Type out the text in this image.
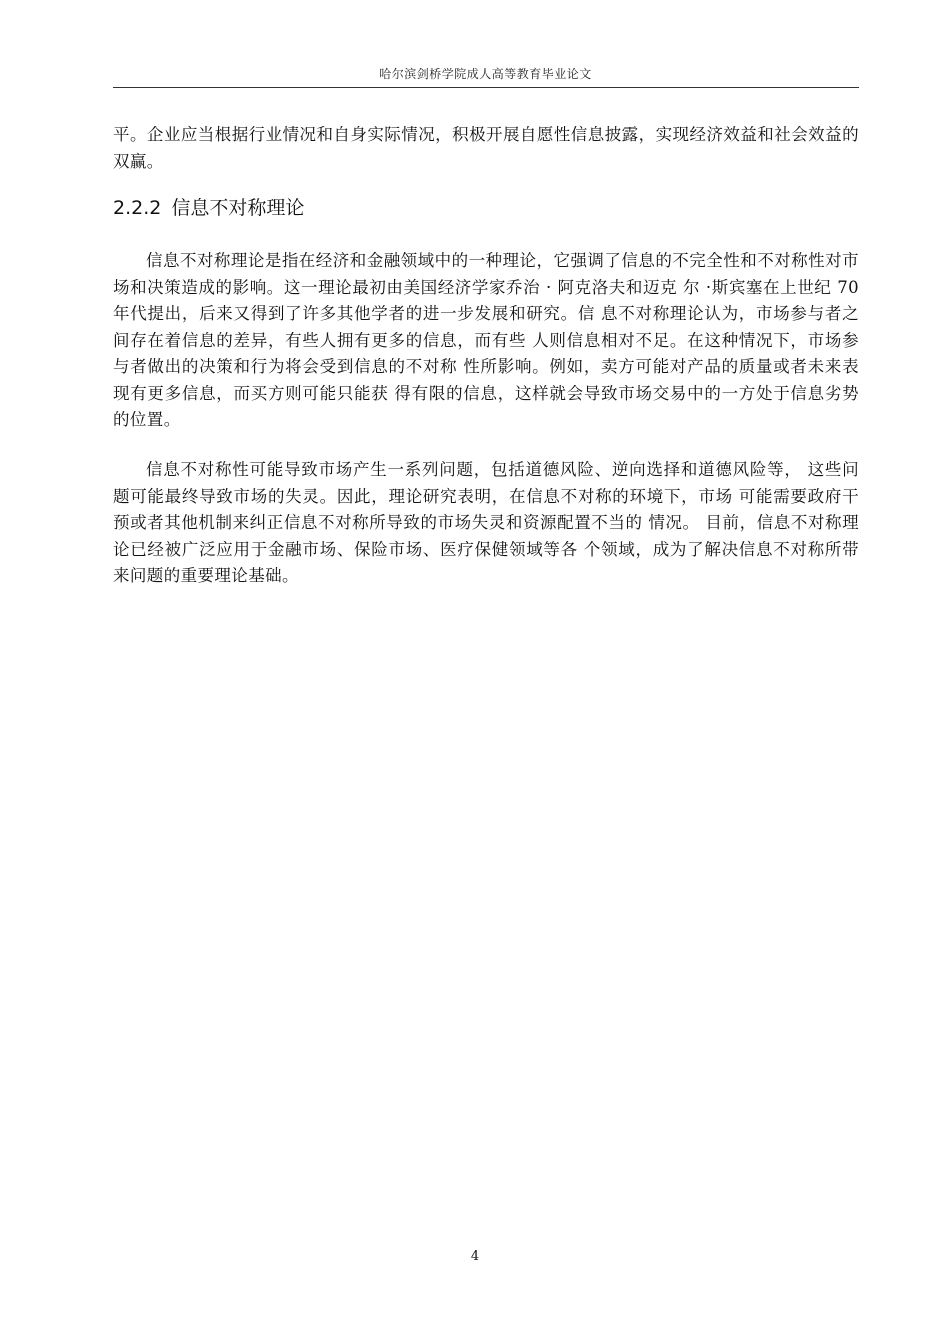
哈尔滨剑桥学院成人高等教育毕业论文
平。企业应当根据行业情况和自身实际情况，积极开展自愿性信息披露，实现经济效益和社会效益的双赢。
2.2.2 信息不对称理论
信息不对称理论是指在经济和金融领域中的一种理论，它强调了信息的不完全性和不对称性对市场和决策造成的影响。这一理论最初由美国经济学家乔治 · 阿克洛夫和迈克 尔 ·斯宾塞在上世纪 70 年代提出，后来又得到了许多其他学者的进一步发展和研究。信 息不对称理论认为，市场参与者之间存在着信息的差异，有些人拥有更多的信息，而有些 人则信息相对不足。在这种情况下，市场参与者做出的决策和行为将会受到信息的不对称 性所影响。例如，卖方可能对产品的质量或者未来表现有更多信息，而买方则可能只能获 得有限的信息，这样就会导致市场交易中的一方处于信息劣势的位置。
信息不对称性可能导致市场产生一系列问题，包括道德风险、逆向选择和道德风险等， 这些问题可能最终导致市场的失灵。因此，理论研究表明，在信息不对称的环境下，市场 可能需要政府干预或者其他机制来纠正信息不对称所导致的市场失灵和资源配置不当的 情况。 目前，信息不对称理论已经被广泛应用于金融市场、保险市场、医疗保健领域等各 个领域，成为了解决信息不对称所带来问题的重要理论基础。
4
